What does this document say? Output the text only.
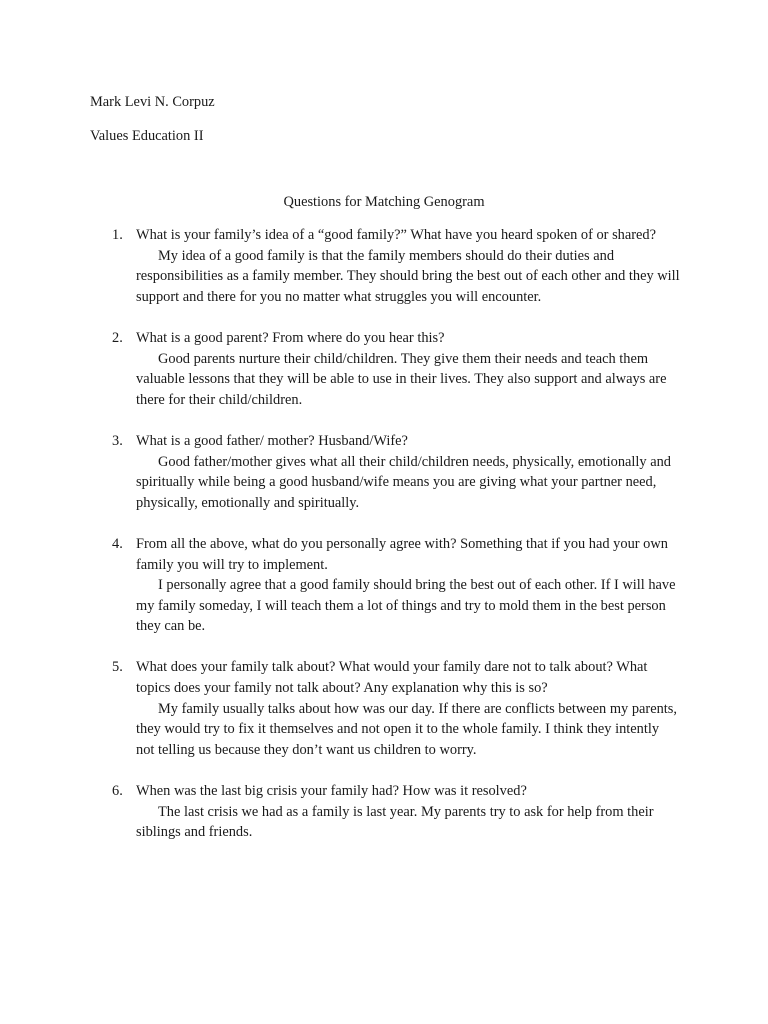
Mark Levi N. Corpuz

Values Education II

Questions for Matching Genogram
1. What is your family’s idea of a “good family?” What have you heard spoken of or shared?

My idea of a good family is that the family members should do their duties and responsibilities as a family member. They should bring the best out of each other and they will support and there for you no matter what struggles you will encounter.

2. What is a good parent? From where do you hear this?

Good parents nurture their child/children. They give them their needs and teach them valuable lessons that they will be able to use in their lives. They also support and always are there for their child/children.

3. What is a good father/ mother? Husband/Wife?

Good father/mother gives what all their child/children needs, physically, emotionally and spiritually while being a good husband/wife means you are giving what your partner need, physically, emotionally and spiritually.

4. From all the above, what do you personally agree with? Something that if you had your own family you will try to implement.

I personally agree that a good family should bring the best out of each other. If I will have my family someday, I will teach them a lot of things and try to mold them in the best person they can be.

5. What does your family talk about? What would your family dare not to talk about? What topics does your family not talk about? Any explanation why this is so?

My family usually talks about how was our day. If there are conflicts between my parents, they would try to fix it themselves and not open it to the whole family. I think they intently not telling us because they don’t want us children to worry.

6. When was the last big crisis your family had? How was it resolved?

The last crisis we had as a family is last year. My parents try to ask for help from their siblings and friends.
